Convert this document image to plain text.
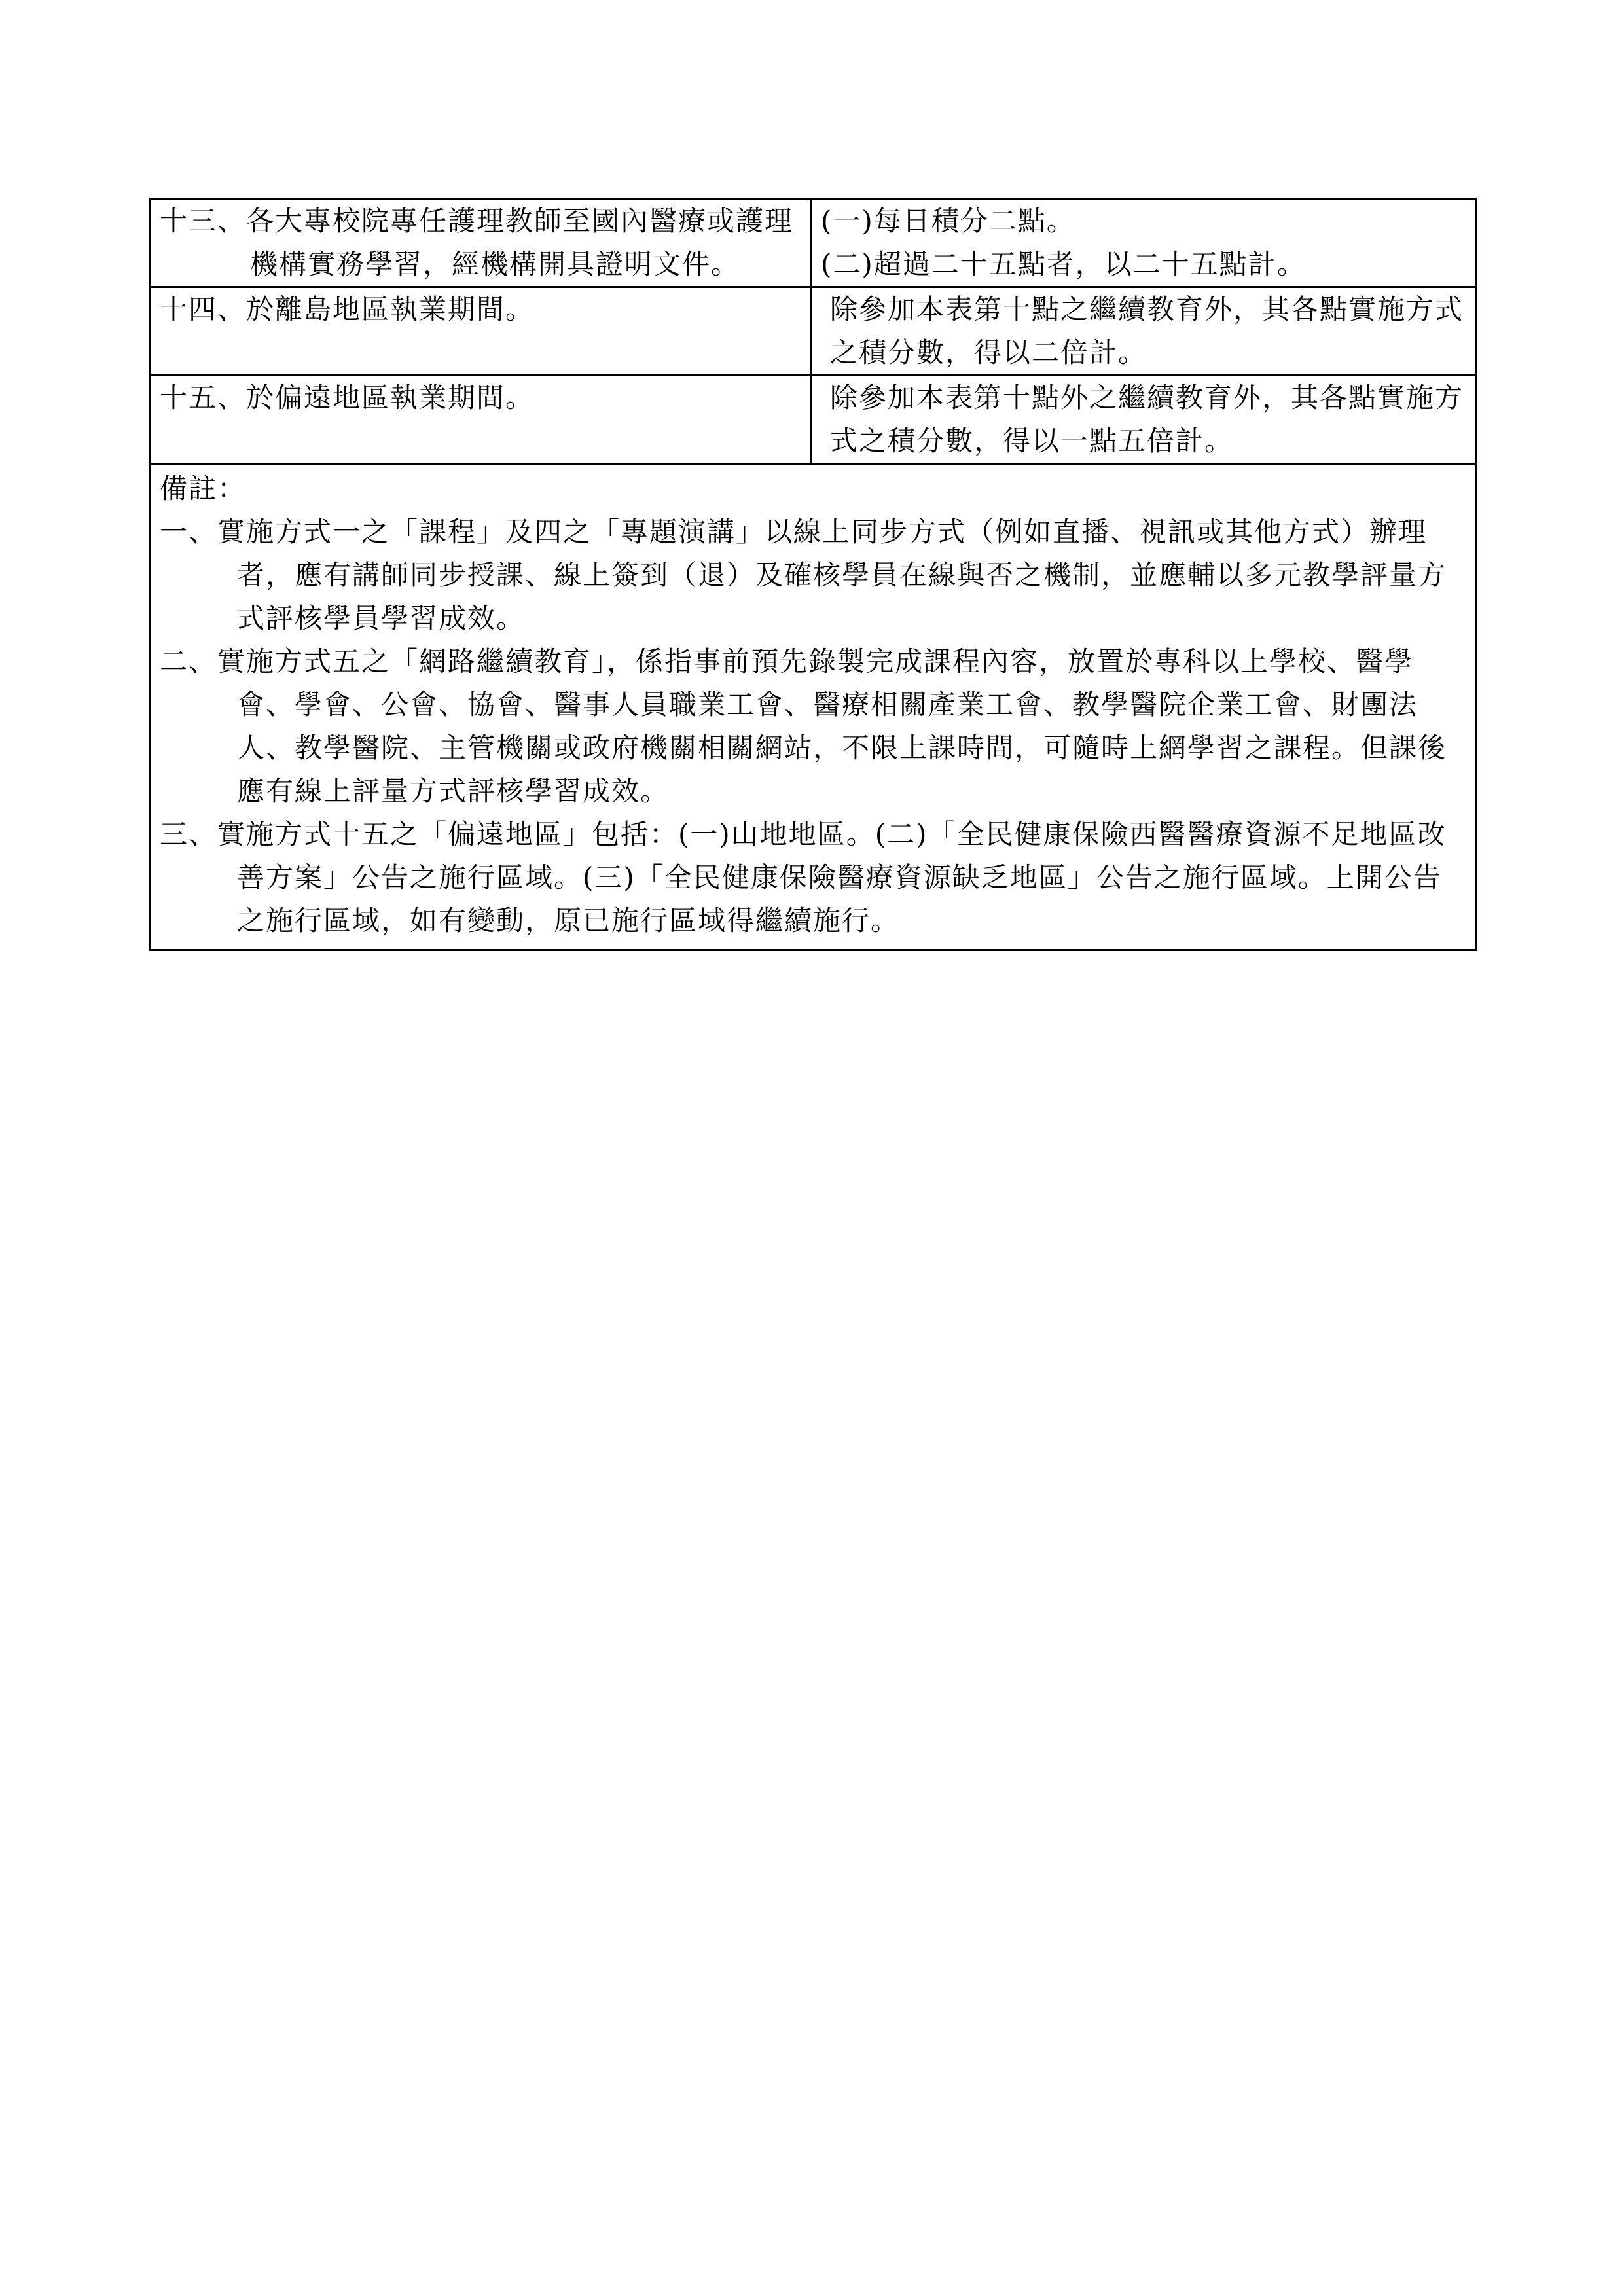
十三、各大專校院專任護理教師至國內醫療或護理機構實務學習，經機構開具證明文件。	(一)每日積分二點。

(二)超過二十五點者，以二十五點計。

十四、於離島地區執業期間。	除參加本表第十點之繼續教育外，其各點實施方式之積分數，得以二倍計。

十五、於偏遠地區執業期間。	除參加本表第十點外之繼續教育外，其各點實施方式之積分數，得以一點五倍計。

備註：

一、實施方式一之「課程」及四之「專題演講」以線上同步方式（例如直播、視訊或其他方式）辦理者，應有講師同步授課、線上簽到（退）及確核學員在線與否之機制，並應輔以多元教學評量方式評核學員學習成效。

二、實施方式五之「網路繼續教育」，係指事前預先錄製完成課程內容，放置於專科以上學校、醫學會、學會、公會、協會、醫事人員職業工會、醫療相關產業工會、教學醫院企業工會、財團法人、教學醫院、主管機關或政府機關相關網站，不限上課時間，可隨時上網學習之課程。但課後應有線上評量方式評核學習成效。

三、實施方式十五之「偏遠地區」包括：(一)山地地區。(二)「全民健康保險西醫醫療資源不足地區改善方案」公告之施行區域。(三)「全民健康保險醫療資源缺乏地區」公告之施行區域。上開公告之施行區域，如有變動，原已施行區域得繼續施行。	
